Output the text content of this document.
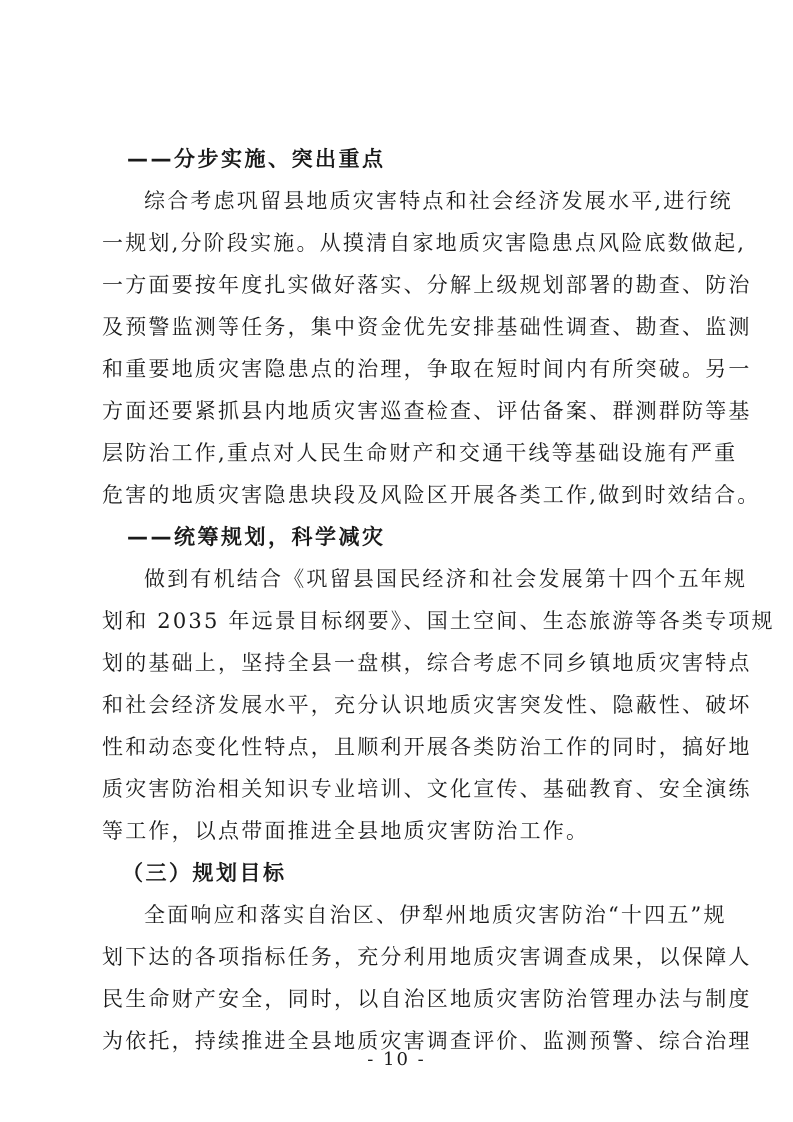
——分步实施、突出重点
综合考虑巩留县地质灾害特点和社会经济发展水平,进行统
一规划,分阶段实施。从摸清自家地质灾害隐患点风险底数做起,
一方面要按年度扎实做好落实、分解上级规划部署的勘查、防治
及预警监测等任务，集中资金优先安排基础性调查、勘查、监测
和重要地质灾害隐患点的治理，争取在短时间内有所突破。另一
方面还要紧抓县内地质灾害巡查检查、评估备案、群测群防等基
层防治工作,重点对人民生命财产和交通干线等基础设施有严重
危害的地质灾害隐患块段及风险区开展各类工作,做到时效结合。
——统筹规划，科学减灾
做到有机结合《巩留县国民经济和社会发展第十四个五年规
划和 2035 年远景目标纲要》、国土空间、生态旅游等各类专项规
划的基础上，坚持全县一盘棋，综合考虑不同乡镇地质灾害特点
和社会经济发展水平，充分认识地质灾害突发性、隐蔽性、破坏
性和动态变化性特点，且顺利开展各类防治工作的同时，搞好地
质灾害防治相关知识专业培训、文化宣传、基础教育、安全演练
等工作，以点带面推进全县地质灾害防治工作。
（三）规划目标
全面响应和落实自治区、伊犁州地质灾害防治“十四五”规
划下达的各项指标任务，充分利用地质灾害调查成果，以保障人
民生命财产安全，同时，以自治区地质灾害防治管理办法与制度
为依托，持续推进全县地质灾害调查评价、监测预警、综合治理
- 10 -
